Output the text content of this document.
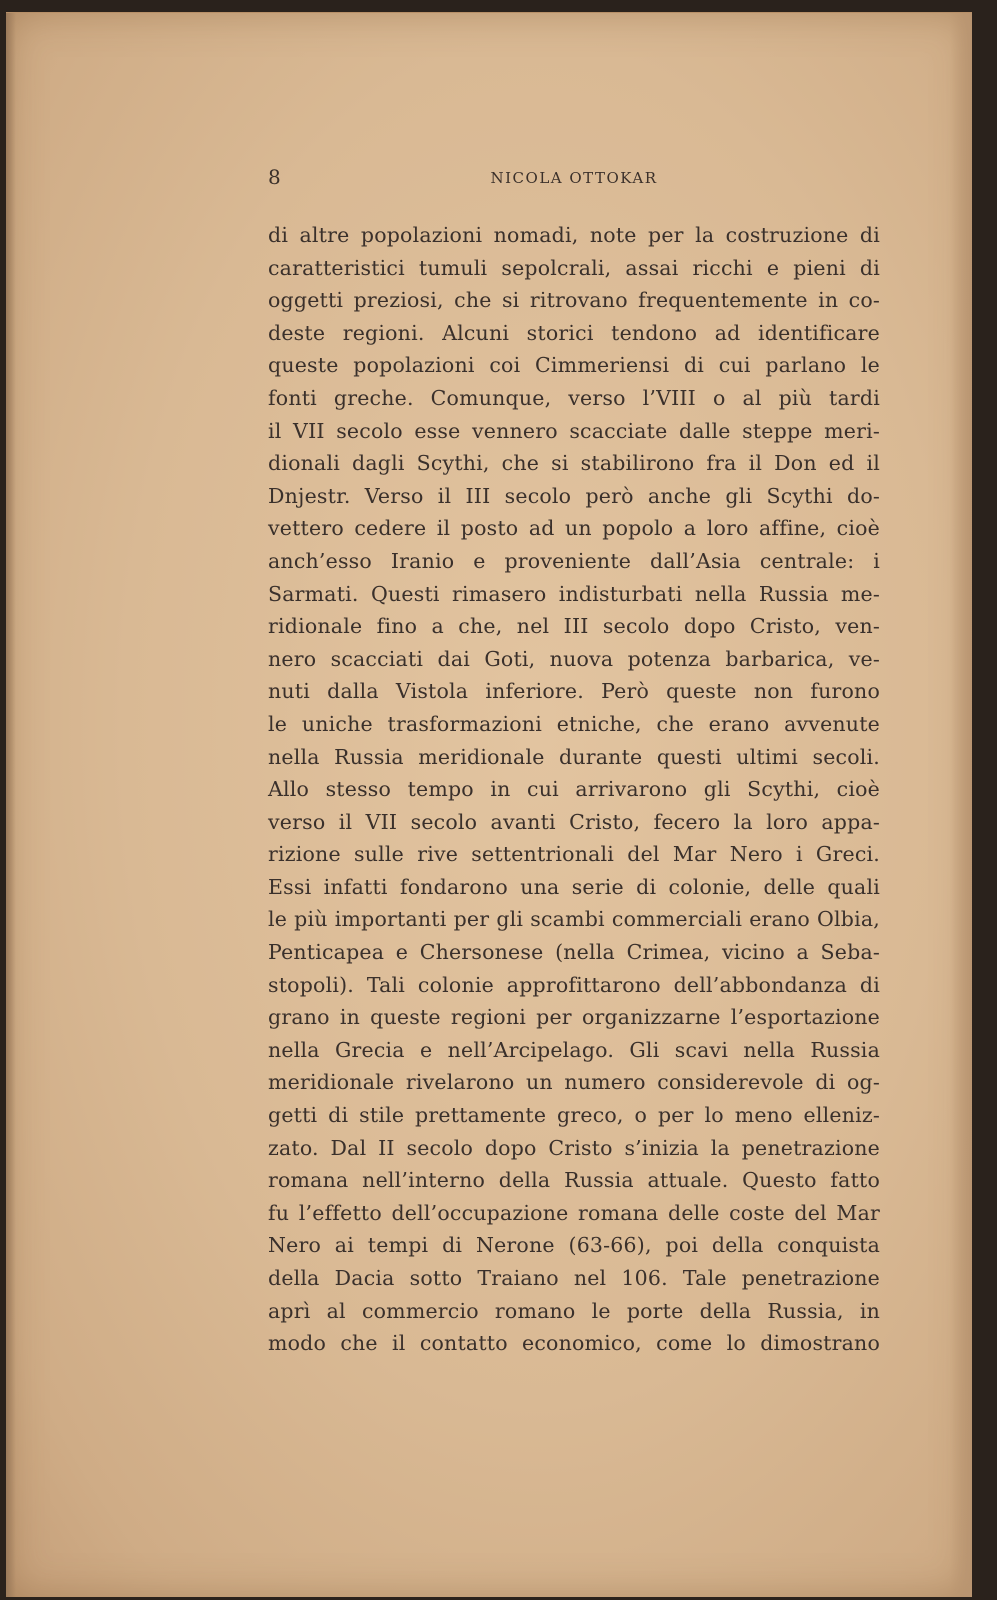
8	NICOLA OTTOKAR
di altre popolazioni nomadi, note per la costruzione di
caratteristici tumuli sepolcrali, assai ricchi e pieni di
oggetti preziosi, che si ritrovano frequentemente in co-
deste regioni. Alcuni storici tendono ad identificare
queste popolazioni coi Cimmeriensi di cui parlano le
fonti greche. Comunque, verso l’VIII o al più tardi
il VII secolo esse vennero scacciate dalle steppe meri-
dionali dagli Scythi, che si stabilirono fra il Don ed il
Dnjestr. Verso il III secolo però anche gli Scythi do-
vettero cedere il posto ad un popolo a loro affine, cioè
anch’esso Iranio e proveniente dall’Asia centrale: i
Sarmati. Questi rimasero indisturbati nella Russia me-
ridionale fino a che, nel III secolo dopo Cristo, ven-
nero scacciati dai Goti, nuova potenza barbarica, ve-
nuti dalla Vistola inferiore. Però queste non furono
le uniche trasformazioni etniche, che erano avvenute
nella Russia meridionale durante questi ultimi secoli.
Allo stesso tempo in cui arrivarono gli Scythi, cioè
verso il VII secolo avanti Cristo, fecero la loro appa-
rizione sulle rive settentrionali del Mar Nero i Greci.
Essi infatti fondarono una serie di colonie, delle quali
le più importanti per gli scambi commerciali erano Olbia,
Penticapea e Chersonese (nella Crimea, vicino a Seba-
stopoli). Tali colonie approfittarono dell’abbondanza di
grano in queste regioni per organizzarne l’esportazione
nella Grecia e nell’Arcipelago. Gli scavi nella Russia
meridionale rivelarono un numero considerevole di og-
getti di stile prettamente greco, o per lo meno elleniz-
zato. Dal II secolo dopo Cristo s’inizia la penetrazione
romana nell’interno della Russia attuale. Questo fatto
fu l’effetto dell’occupazione romana delle coste del Mar
Nero ai tempi di Nerone (63-66), poi della conquista
della Dacia sotto Traiano nel 106. Tale penetrazione
aprì al commercio romano le porte della Russia, in
modo che il contatto economico, come lo dimostrano
